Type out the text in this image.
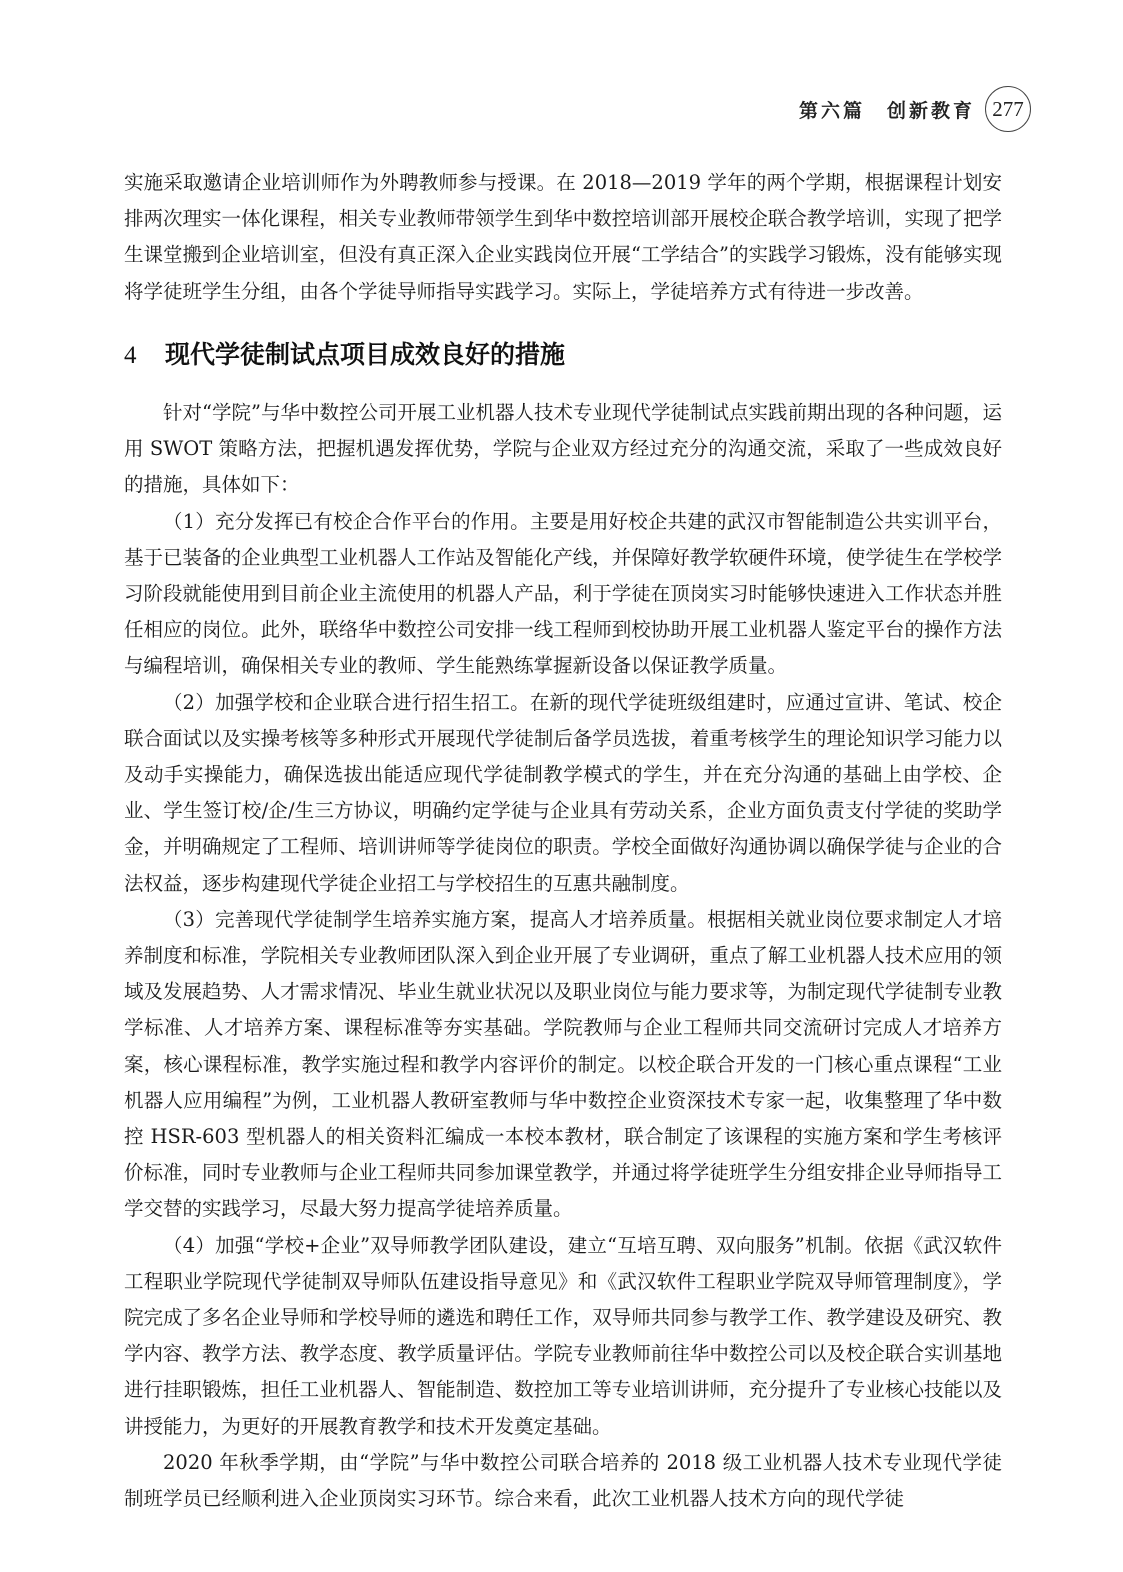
第六篇　创新教育 277

实施采取邀请企业培训师作为外聘教师参与授课。在 2018—2019 学年的两个学期，根据课程计划安排两次理实一体化课程，相关专业教师带领学生到华中数控培训部开展校企联合教学培训，实现了把学生课堂搬到企业培训室，但没有真正深入企业实践岗位开展“工学结合”的实践学习锻炼，没有能够实现将学徒班学生分组，由各个学徒导师指导实践学习。实际上，学徒培养方式有待进一步改善。

4	现代学徒制试点项目成效良好的措施

针对“学院”与华中数控公司开展工业机器人技术专业现代学徒制试点实践前期出现的各种问题，运用 SWOT 策略方法，把握机遇发挥优势，学院与企业双方经过充分的沟通交流，采取了一些成效良好的措施，具体如下：

（1）充分发挥已有校企合作平台的作用。主要是用好校企共建的武汉市智能制造公共实训平台，基于已装备的企业典型工业机器人工作站及智能化产线，并保障好教学软硬件环境，使学徒生在学校学习阶段就能使用到目前企业主流使用的机器人产品，利于学徒在顶岗实习时能够快速进入工作状态并胜任相应的岗位。此外，联络华中数控公司安排一线工程师到校协助开展工业机器人鉴定平台的操作方法与编程培训，确保相关专业的教师、学生能熟练掌握新设备以保证教学质量。

（2）加强学校和企业联合进行招生招工。在新的现代学徒班级组建时，应通过宣讲、笔试、校企联合面试以及实操考核等多种形式开展现代学徒制后备学员选拔，着重考核学生的理论知识学习能力以及动手实操能力，确保选拔出能适应现代学徒制教学模式的学生，并在充分沟通的基础上由学校、企业、学生签订校/企/生三方协议，明确约定学徒与企业具有劳动关系，企业方面负责支付学徒的奖助学金，并明确规定了工程师、培训讲师等学徒岗位的职责。学校全面做好沟通协调以确保学徒与企业的合法权益，逐步构建现代学徒企业招工与学校招生的互惠共融制度。

（3）完善现代学徒制学生培养实施方案，提高人才培养质量。根据相关就业岗位要求制定人才培养制度和标准，学院相关专业教师团队深入到企业开展了专业调研，重点了解工业机器人技术应用的领域及发展趋势、人才需求情况、毕业生就业状况以及职业岗位与能力要求等，为制定现代学徒制专业教学标准、人才培养方案、课程标准等夯实基础。学院教师与企业工程师共同交流研讨完成人才培养方案，核心课程标准，教学实施过程和教学内容评价的制定。以校企联合开发的一门核心重点课程“工业机器人应用编程”为例，工业机器人教研室教师与华中数控企业资深技术专家一起，收集整理了华中数控 HSR-603 型机器人的相关资料汇编成一本校本教材，联合制定了该课程的实施方案和学生考核评价标准，同时专业教师与企业工程师共同参加课堂教学，并通过将学徒班学生分组安排企业导师指导工学交替的实践学习，尽最大努力提高学徒培养质量。

（4）加强“学校+企业”双导师教学团队建设，建立“互培互聘、双向服务”机制。依据《武汉软件工程职业学院现代学徒制双导师队伍建设指导意见》和《武汉软件工程职业学院双导师管理制度》，学院完成了多名企业导师和学校导师的遴选和聘任工作，双导师共同参与教学工作、教学建设及研究、教学内容、教学方法、教学态度、教学质量评估。学院专业教师前往华中数控公司以及校企联合实训基地进行挂职锻炼，担任工业机器人、智能制造、数控加工等专业培训讲师，充分提升了专业核心技能以及讲授能力，为更好的开展教育教学和技术开发奠定基础。

2020 年秋季学期，由“学院”与华中数控公司联合培养的 2018 级工业机器人技术专业现代学徒制班学员已经顺利进入企业顶岗实习环节。综合来看，此次工业机器人技术方向的现代学徒
